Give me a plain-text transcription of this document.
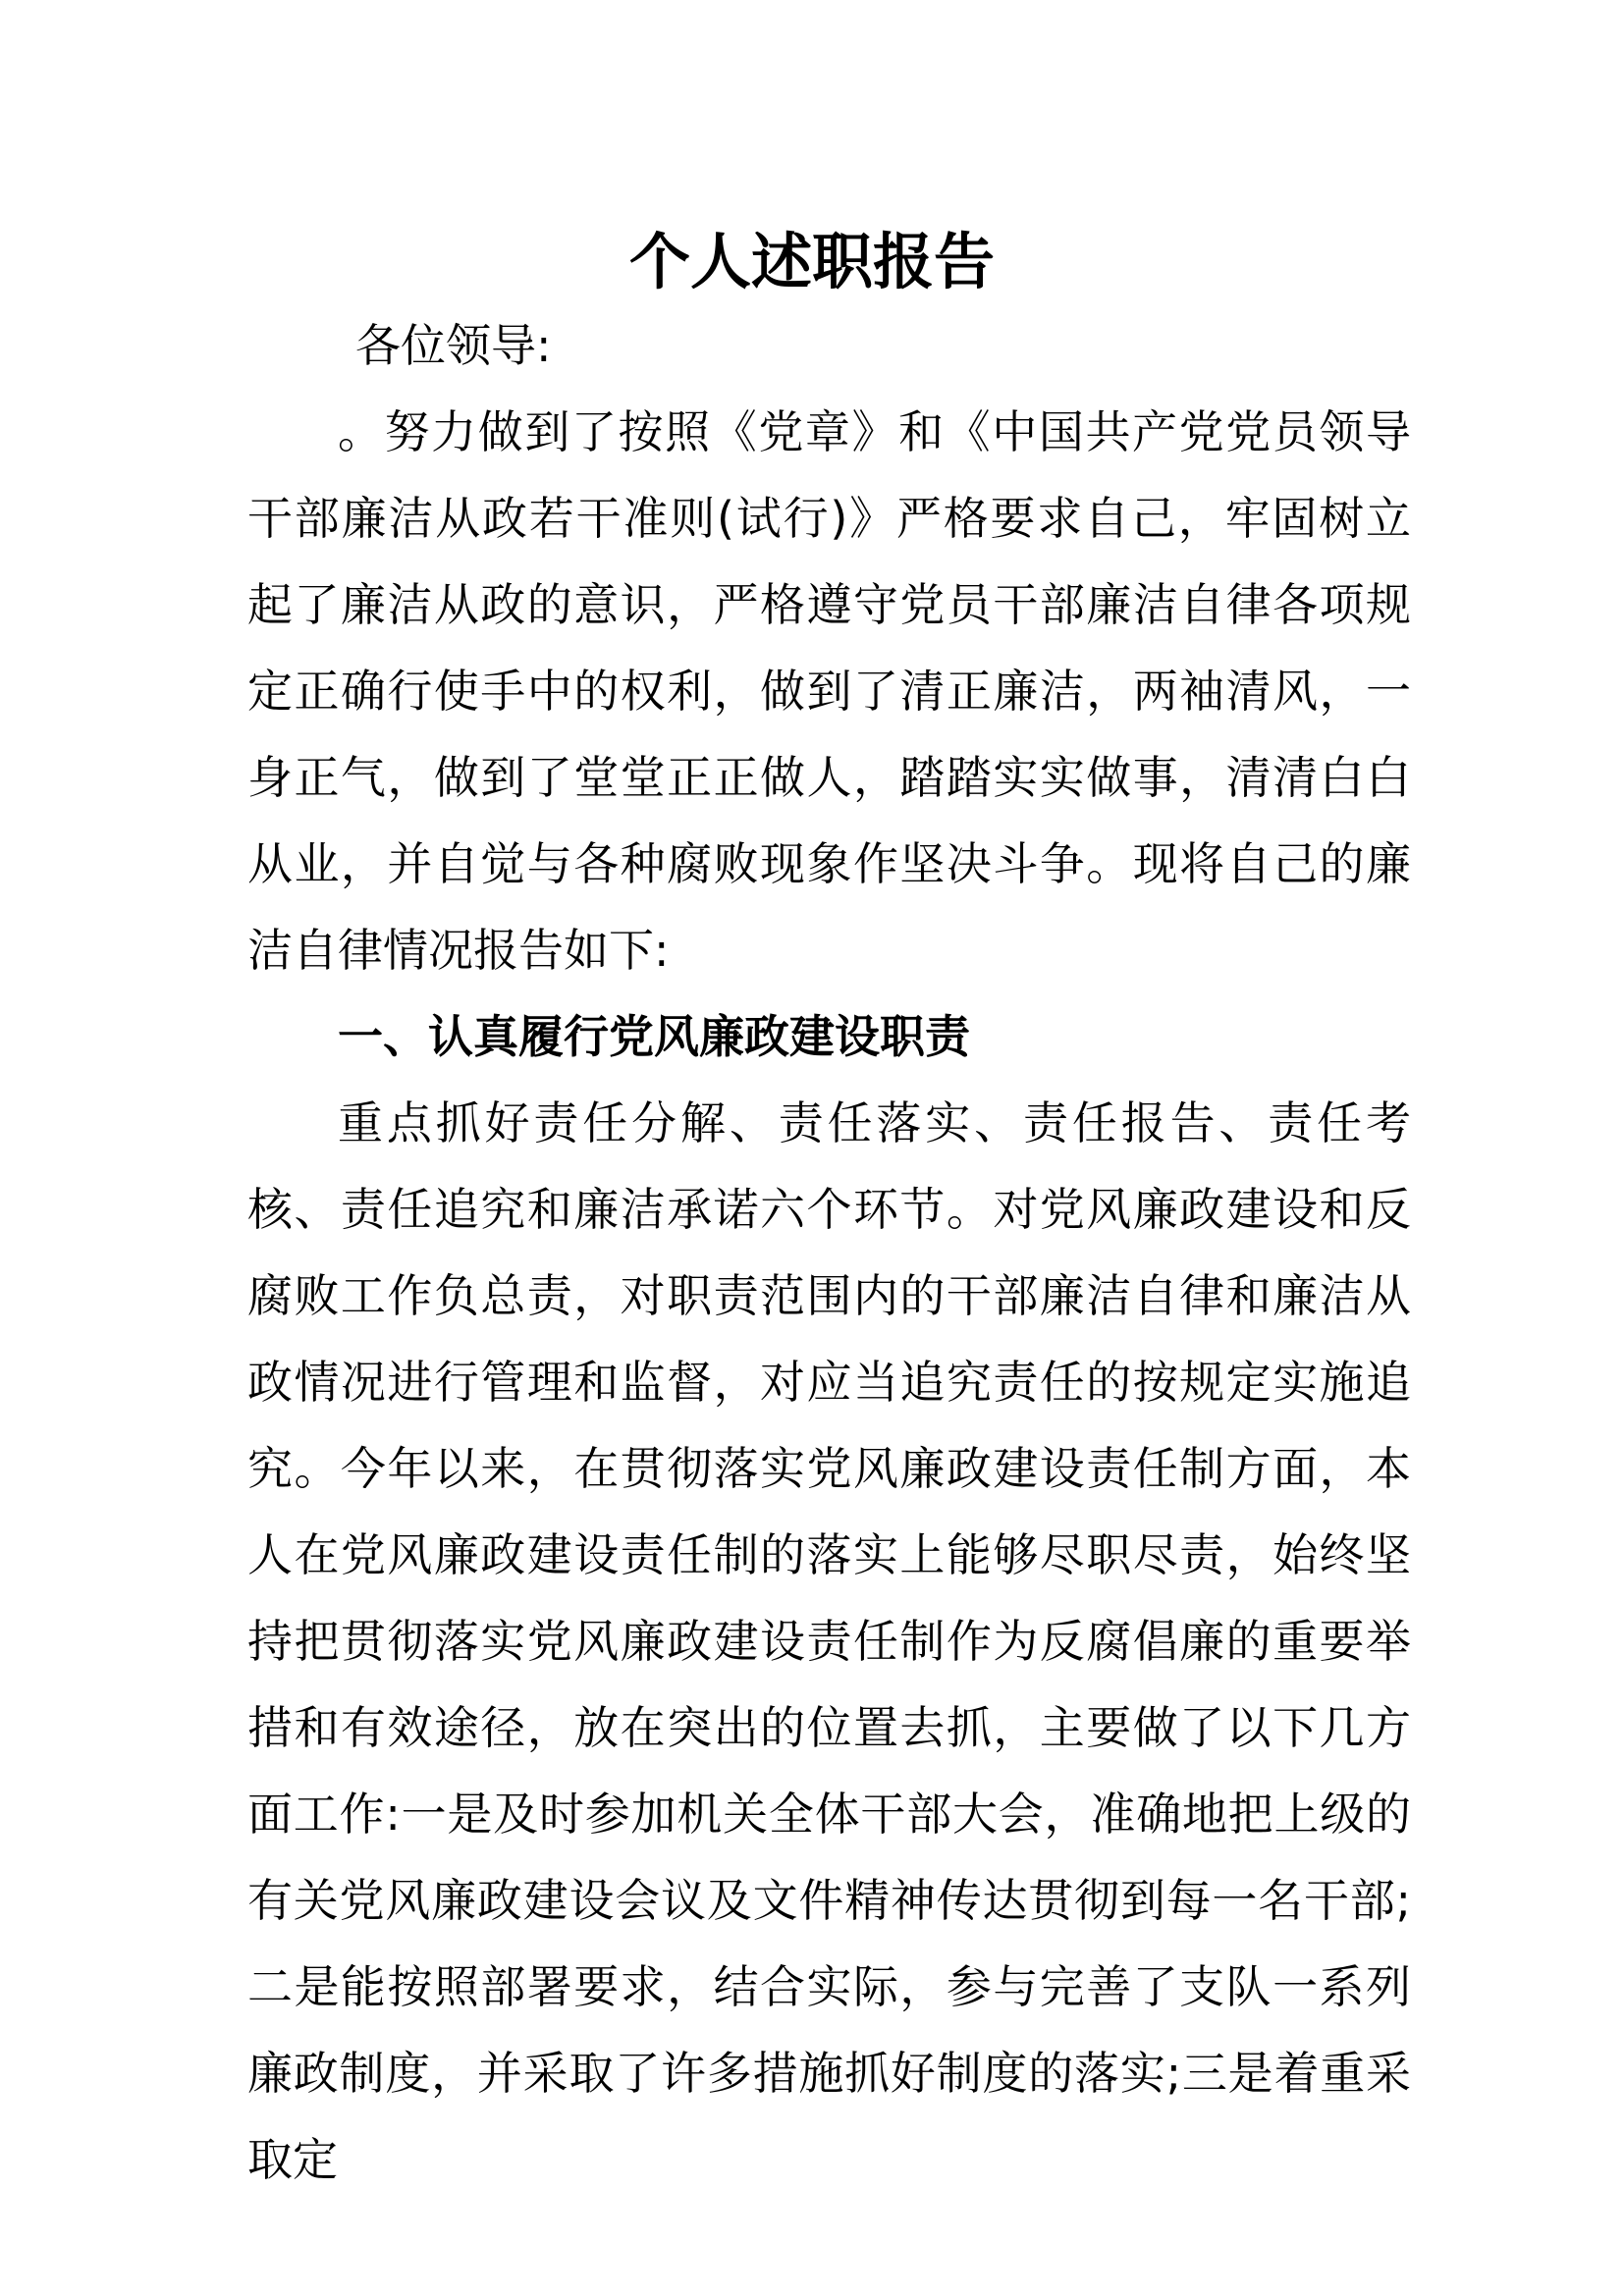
个人述职报告

各位领导:

。努力做到了按照《党章》和《中国共产党党员领导干部廉洁从政若干准则(试行)》严格要求自己，牢固树立起了廉洁从政的意识，严格遵守党员干部廉洁自律各项规定正确行使手中的权利，做到了清正廉洁，两袖清风，一身正气，做到了堂堂正正做人，踏踏实实做事，清清白白从业，并自觉与各种腐败现象作坚决斗争。现将自己的廉洁自律情况报告如下:

一、认真履行党风廉政建设职责

重点抓好责任分解、责任落实、责任报告、责任考核、责任追究和廉洁承诺六个环节。对党风廉政建设和反腐败工作负总责，对职责范围内的干部廉洁自律和廉洁从政情况进行管理和监督，对应当追究责任的按规定实施追究。今年以来，在贯彻落实党风廉政建设责任制方面，本人在党风廉政建设责任制的落实上能够尽职尽责，始终坚持把贯彻落实党风廉政建设责任制作为反腐倡廉的重要举措和有效途径，放在突出的位置去抓，主要做了以下几方面工作:一是及时参加机关全体干部大会，准确地把上级的有关党风廉政建设会议及文件精神传达贯彻到每一名干部;二是能按照部署要求，结合实际，参与完善了支队一系列廉政制度，并采取了许多措施抓好制度的落实;三是着重采取定
